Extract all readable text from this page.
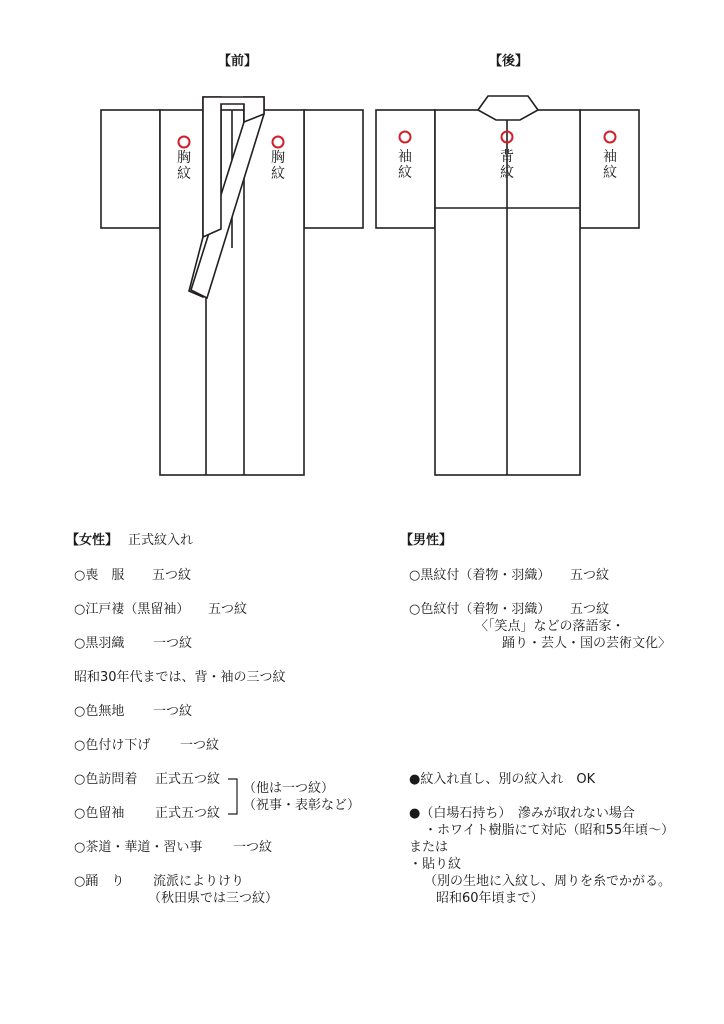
【前】	【後】
胸紋
胸紋
袖紋
背紋
袖紋
【女性】 正式紋入れ
○喪　服 五つ紋
○江戸褄（黒留袖） 五つ紋
○黒羽織 一つ紋
昭和30年代までは、背・袖の三つ紋
○色無地 一つ紋
○色付け下げ 一つ紋
○色訪問着 正式五つ紋
○色留袖 正式五つ紋
（他は一つ紋）
（祝事・表彰など）
○茶道・華道・習い事 一つ紋
○踊　り 流派によりけり
（秋田県では三つ紋）
【男性】
○黒紋付（着物・羽織） 五つ紋
○色紋付（着物・羽織） 五つ紋
〈「笑点」などの落語家・
踊り・芸人・国の芸術文化〉
●紋入れ直し、別の紋入れ　OK
●（白場石持ち）　滲みが取れない場合
・ホワイト樹脂にて対応（昭和55年頃〜）
または
・貼り紋
（別の生地に入紋し、周りを糸でかがる。
昭和60年頃まで）
